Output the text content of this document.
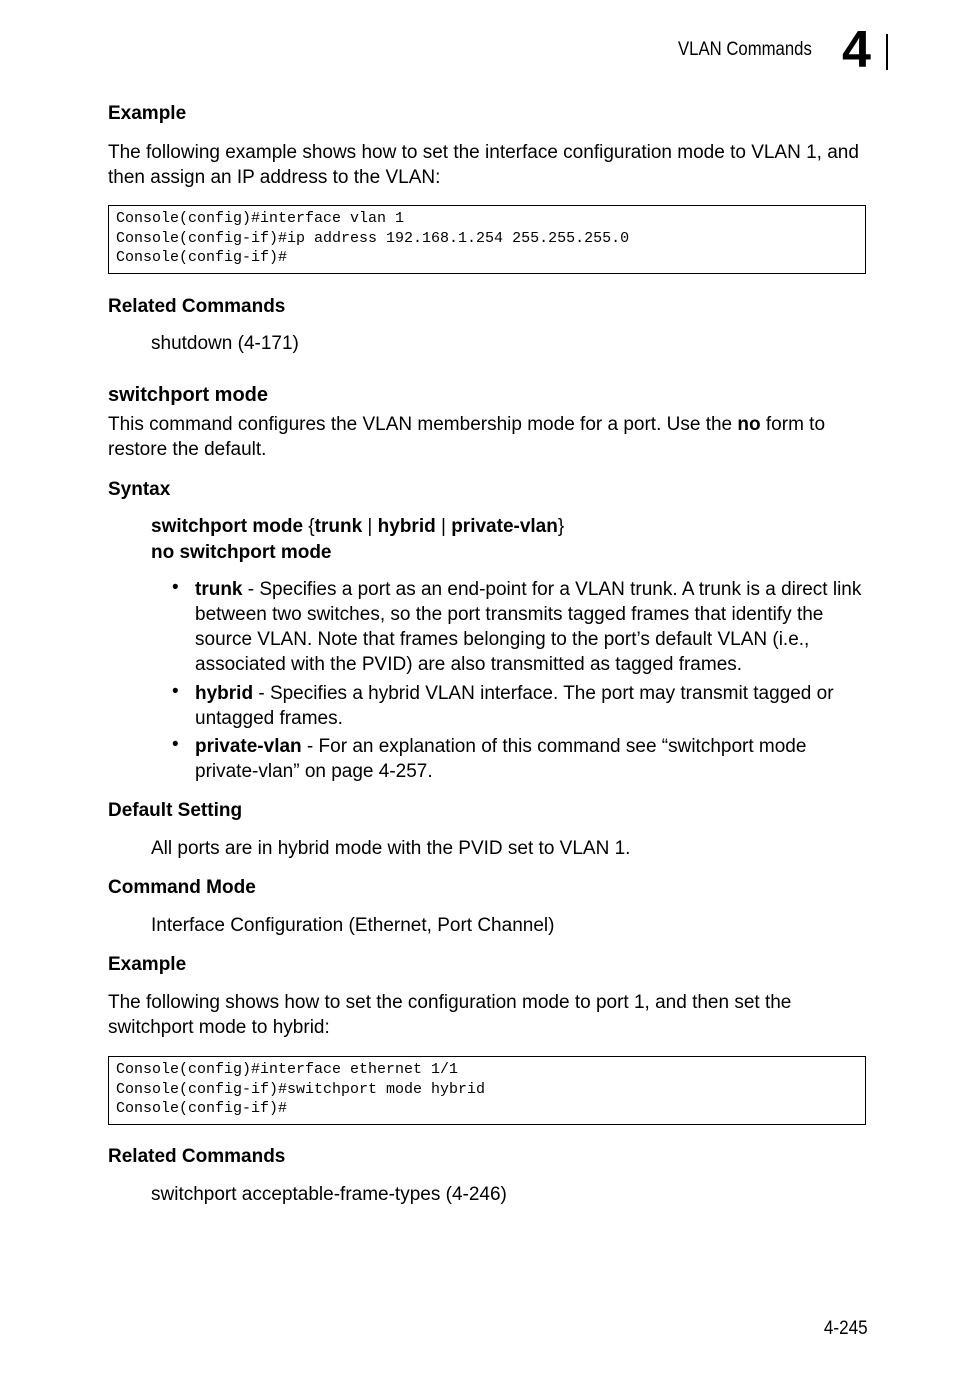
VLAN Commands 4
Example

The following example shows how to set the interface configuration mode to VLAN 1, and then assign an IP address to the VLAN:

Console(config)#interface vlan 1
Console(config-if)#ip address 192.168.1.254 255.255.255.0
Console(config-if)#
Related Commands

shutdown (4-171)

switchport mode

This command configures the VLAN membership mode for a port. Use the no form to restore the default.

Syntax

switchport mode {trunk | hybrid | private-vlan}

no switchport mode

• trunk - Specifies a port as an end-point for a VLAN trunk. A trunk is a direct link between two switches, so the port transmits tagged frames that identify the source VLAN. Note that frames belonging to the port’s default VLAN (i.e., associated with the PVID) are also transmitted as tagged frames.

• hybrid - Specifies a hybrid VLAN interface. The port may transmit tagged or untagged frames.

• private-vlan - For an explanation of this command see “switchport mode private-vlan” on page 4-257.

Default Setting

All ports are in hybrid mode with the PVID set to VLAN 1.

Command Mode

Interface Configuration (Ethernet, Port Channel)

Example

The following shows how to set the configuration mode to port 1, and then set the switchport mode to hybrid:

Console(config)#interface ethernet 1/1
Console(config-if)#switchport mode hybrid
Console(config-if)#
Related Commands

switchport acceptable-frame-types (4-246)

4-245
